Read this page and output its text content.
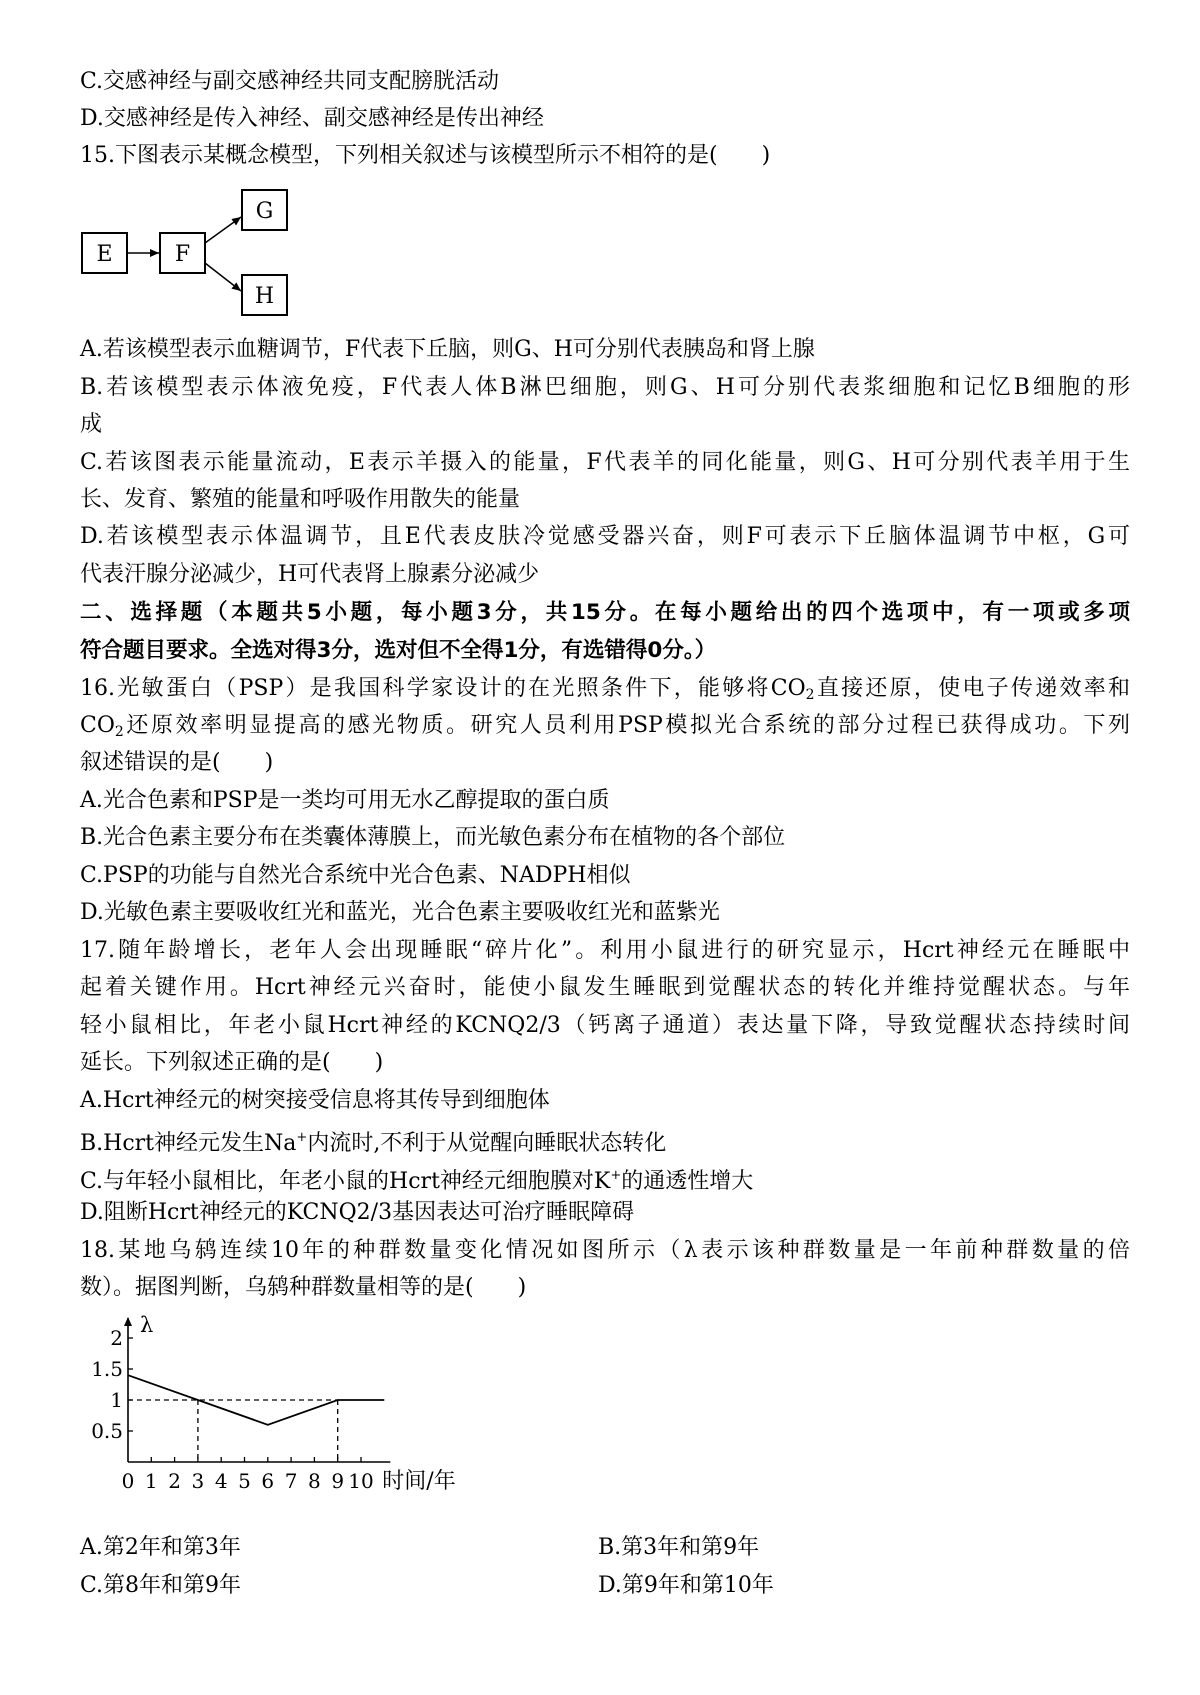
C.交感神经与副交感神经共同支配膀胱活动
D.交感神经是传入神经、副交感神经是传出神经
15.下图表示某概念模型，下列相关叙述与该模型所示不相符的是(　　)
E	F
G
H
A.若该模型表示血糖调节，F代表下丘脑，则G、H可分别代表胰岛和肾上腺
B.若该模型表示体液免疫，F代表人体B淋巴细胞，则G、H可分别代表浆细胞和记忆B细胞的形
成
C.若该图表示能量流动，E表示羊摄入的能量，F代表羊的同化能量，则G、H可分别代表羊用于生
长、发育、繁殖的能量和呼吸作用散失的能量
D.若该模型表示体温调节，且E代表皮肤冷觉感受器兴奋，则F可表示下丘脑体温调节中枢，G可
代表汗腺分泌减少，H可代表肾上腺素分泌减少
二、选择题（本题共5小题，每小题3分，共15分。在每小题给出的四个选项中，有一项或多项
符合题目要求。全选对得3分，选对但不全得1分，有选错得0分。）
16.光敏蛋白（PSP）是我国科学家设计的在光照条件下，能够将$CO_2$直接还原，使电子传递效率和
$CO_2$还原效率明显提高的感光物质。研究人员利用PSP模拟光合系统的部分过程已获得成功。下列
叙述错误的是(　　)
A.光合色素和PSP是一类均可用无水乙醇提取的蛋白质
B.光合色素主要分布在类囊体薄膜上，而光敏色素分布在植物的各个部位
C.PSP的功能与自然光合系统中光合色素、NADPH相似
D.光敏色素主要吸收红光和蓝光，光合色素主要吸收红光和蓝紫光
17.随年龄增长，老年人会出现睡眠“碎片化”。利用小鼠进行的研究显示，Hcrt神经元在睡眠中
起着关键作用。Hcrt神经元兴奋时，能使小鼠发生睡眠到觉醒状态的转化并维持觉醒状态。与年
轻小鼠相比，年老小鼠Hcrt神经的KCNQ2/3（钙离子通道）表达量下降，导致觉醒状态持续时间
延长。下列叙述正确的是(　　)
A.Hcrt神经元的树突接受信息将其传导到细胞体
B.Hcrt神经元发生Na+内流时,不利于从觉醒向睡眠状态转化
C.与年轻小鼠相比，年老小鼠的Hcrt神经元细胞膜对K+的通透性增大
D.阻断Hcrt神经元的KCNQ2/3基因表达可治疗睡眠障碍
18.某地乌鸫连续10年的种群数量变化情况如图所示（λ表示该种群数量是一年前种群数量的倍
数）。据图判断，乌鸫种群数量相等的是(　　)
0.5
1
1.5
2
0 1 2 3 4 5 6 7 8 9 10
λ
时间/年
A.第2年和第3年	B.第3年和第9年
C.第8年和第9年	D.第9年和第10年
